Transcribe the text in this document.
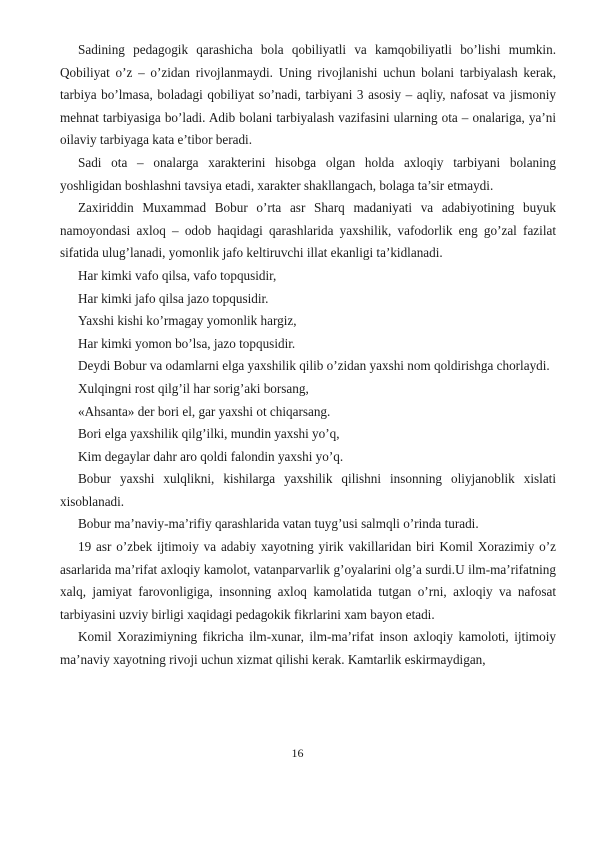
Sadining pedagogik qarashicha bola qobiliyatli va kamqobiliyatli bo’lishi mumkin. Qobiliyat o’z – o’zidan rivojlanmaydi. Uning rivojlanishi uchun bolani tarbiyalash kerak, tarbiya bo’lmasa, boladagi qobiliyat so’nadi, tarbiyani 3 asosiy – aqliy, nafosat va jismoniy mehnat tarbiyasiga bo’ladi. Adib bolani tarbiyalash vazifasini ularning ota – onalariga, ya’ni oilaviy tarbiyaga kata e’tibor beradi.

Sadi ota – onalarga xarakterini hisobga olgan holda axloqiy tarbiyani bolaning yoshligidan boshlashni tavsiya etadi, xarakter shakllangach, bolaga ta’sir etmaydi.

Zaxiriddin Muxammad Bobur o’rta asr Sharq madaniyati va adabiyotining buyuk namoyondasi axloq – odob haqidagi qarashlarida yaxshilik, vafodorlik eng go’zal fazilat sifatida ulug’lanadi, yomonlik jafo keltiruvchi illat ekanligi ta’kidlanadi.

Har kimki vafo qilsa, vafo topqusidir,

Har kimki jafo qilsa jazo topqusidir.

Yaxshi kishi ko’rmagay yomonlik hargiz,

Har kimki yomon bo’lsa, jazo topqusidir.

Deydi Bobur va odamlarni elga yaxshilik qilib o’zidan yaxshi nom qoldirishga chorlaydi.

Xulqingni rost qilg’il har sorig’aki borsang,

«Ahsanta» der bori el, gar yaxshi ot chiqarsang.

Bori elga yaxshilik qilg’ilki, mundin yaxshi yo’q,

Kim degaylar dahr aro qoldi falondin yaxshi yo’q.

Bobur yaxshi xulqlikni, kishilarga yaxshilik qilishni insonning oliyjanoblik xislati xisoblanadi.

Bobur ma’naviy-ma’rifiy qarashlarida vatan tuyg’usi salmqli o’rinda turadi.

19 asr o’zbek ijtimoiy va adabiy xayotning yirik vakillaridan biri Komil Xorazimiy o’z asarlarida ma’rifat axloqiy kamolot, vatanparvarlik g’oyalarini olg’a surdi.U ilm-ma’rifatning xalq, jamiyat farovonligiga, insonning axloq kamolatida tutgan o’rni, axloqiy va nafosat tarbiyasini uzviy birligi xaqidagi pedagokik fikrlarini xam bayon etadi.

Komil Xorazimiyning fikricha ilm-xunar, ilm-ma’rifat inson axloqiy kamoloti, ijtimoiy ma’naviy xayotning rivoji uchun xizmat qilishi kerak. Kamtarlik eskirmaydigan,

16
